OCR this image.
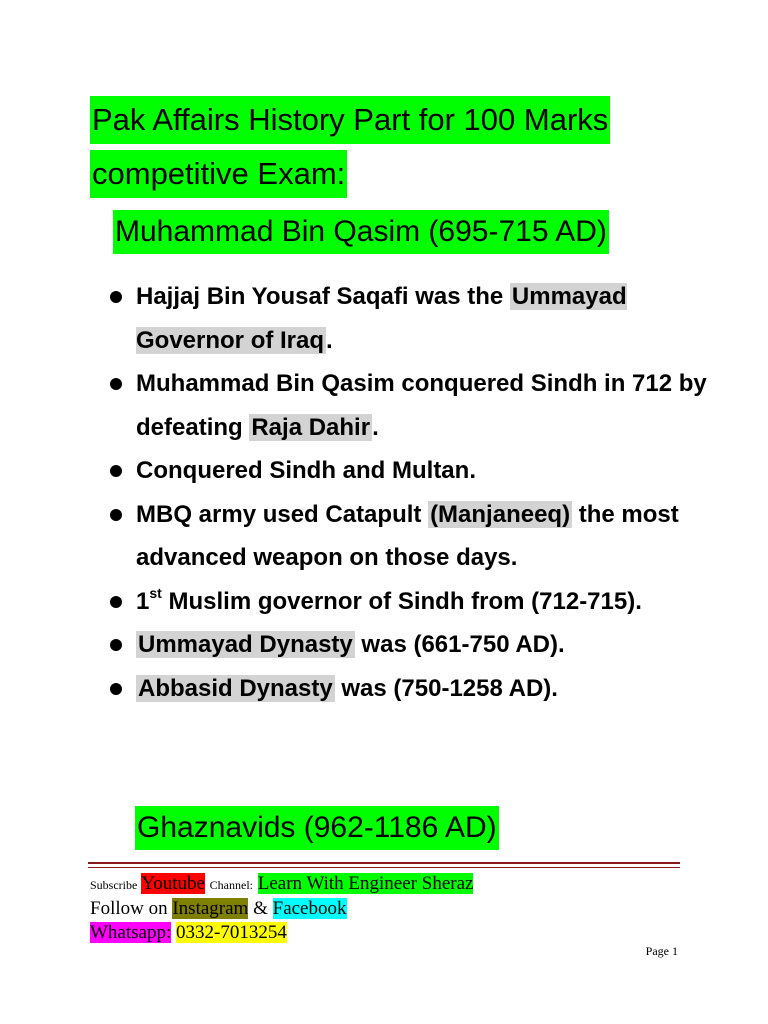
Pak Affairs History Part for 100 Marks
competitive Exam:
Muhammad Bin Qasim (695-715 AD)
Hajjaj Bin Yousaf Saqafi was the Ummayad Governor of Iraq.
Muhammad Bin Qasim conquered Sindh in 712 by defeating Raja Dahir.
Conquered Sindh and Multan.
MBQ army used Catapult (Manjaneeq) the most advanced weapon on those days.
1st Muslim governor of Sindh from (712-715).
Ummayad Dynasty was (661-750 AD).
Abbasid Dynasty was (750-1258 AD).
Ghaznavids (962-1186 AD)
Subscribe Youtube Channel: Learn With Engineer Sheraz
Follow on Instagram & Facebook
Whatsapp: 0332-7013254
Page 1
